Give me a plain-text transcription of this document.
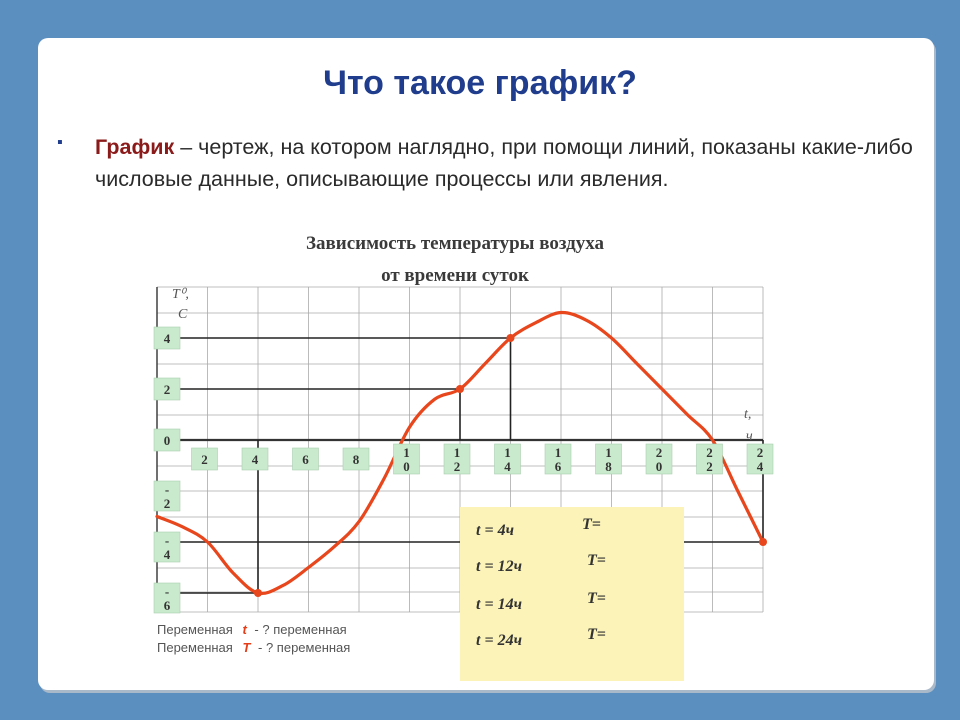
Что такое график?
▪ График – чертеж, на котором наглядно, при помощи линий, показаны какие-либо числовые данные, описывающие процессы или явления.
2	4	6	8	1
0
1
2
1
4
1
6
1
8
2
0
2
2
2
4
4
2
0
-
2
-
4
-
6
Зависимость температуры воздуха
от времени суток
T⁰,
C
t,
ч
t = 4ч	T=
t = 12ч	T=
t = 14ч	T=
t = 24ч	T=
Переменная t - ? переменная
Переменная T - ? переменная
